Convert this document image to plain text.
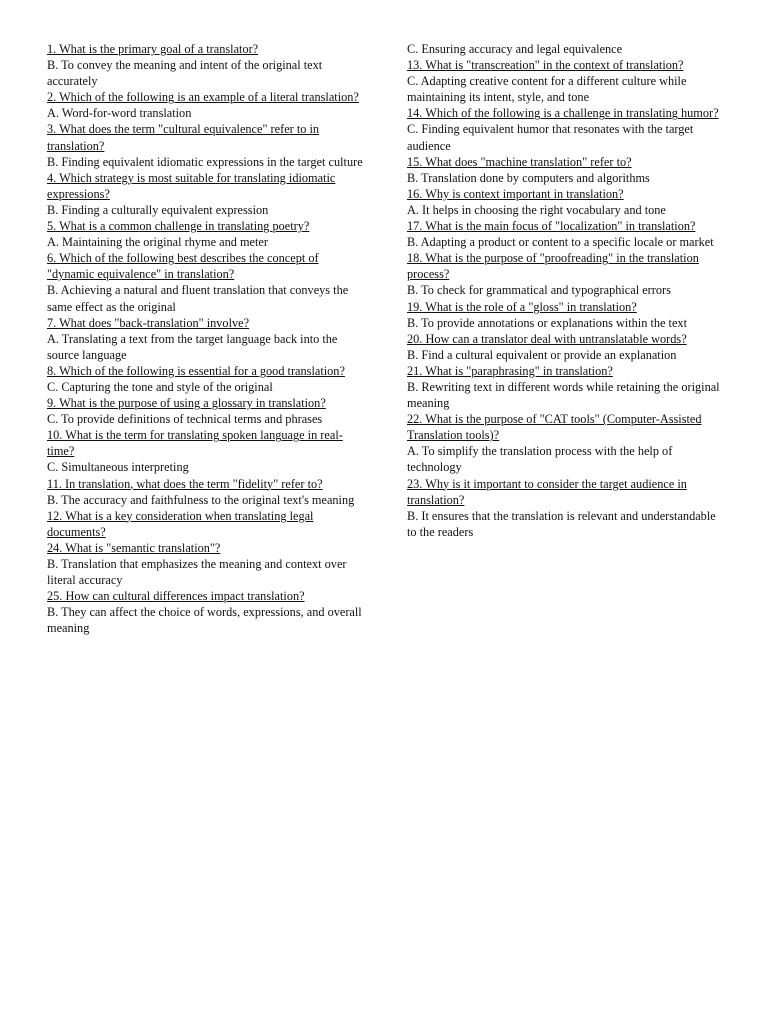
1. What is the primary goal of a translator?

B. To convey the meaning and intent of the original text accurately

2. Which of the following is an example of a literal translation?

A. Word-for-word translation

3. What does the term "cultural equivalence" refer to in translation?

B. Finding equivalent idiomatic expressions in the target culture

4. Which strategy is most suitable for translating idiomatic expressions?

B. Finding a culturally equivalent expression

5. What is a common challenge in translating poetry?

A. Maintaining the original rhyme and meter

6. Which of the following best describes the concept of "dynamic equivalence" in translation?

B. Achieving a natural and fluent translation that conveys the same effect as the original

7. What does "back-translation" involve?

A. Translating a text from the target language back into the source language

8. Which of the following is essential for a good translation?

C. Capturing the tone and style of the original

9. What is the purpose of using a glossary in translation?

C. To provide definitions of technical terms and phrases

10. What is the term for translating spoken language in real-time?

C. Simultaneous interpreting

11. In translation, what does the term "fidelity" refer to?

B. The accuracy and faithfulness to the original text's meaning

12. What is a key consideration when translating legal documents?

24. What is "semantic translation"?

B. Translation that emphasizes the meaning and context over literal accuracy

25. How can cultural differences impact translation?

B. They can affect the choice of words, expressions, and overall meaning

C. Ensuring accuracy and legal equivalence

13. What is "transcreation" in the context of translation?

C. Adapting creative content for a different culture while maintaining its intent, style, and tone

14. Which of the following is a challenge in translating humor?

C. Finding equivalent humor that resonates with the target audience

15. What does "machine translation" refer to?

B. Translation done by computers and algorithms

16. Why is context important in translation?

A. It helps in choosing the right vocabulary and tone

17. What is the main focus of "localization" in translation?

B. Adapting a product or content to a specific locale or market

18. What is the purpose of "proofreading" in the translation process?

B. To check for grammatical and typographical errors

19. What is the role of a "gloss" in translation?

B. To provide annotations or explanations within the text

20. How can a translator deal with untranslatable words?

B. Find a cultural equivalent or provide an explanation

21. What is "paraphrasing" in translation?

B. Rewriting text in different words while retaining the original meaning

22. What is the purpose of "CAT tools" (Computer-Assisted Translation tools)?

A. To simplify the translation process with the help of technology

23. Why is it important to consider the target audience in translation?

B. It ensures that the translation is relevant and understandable to the readers
